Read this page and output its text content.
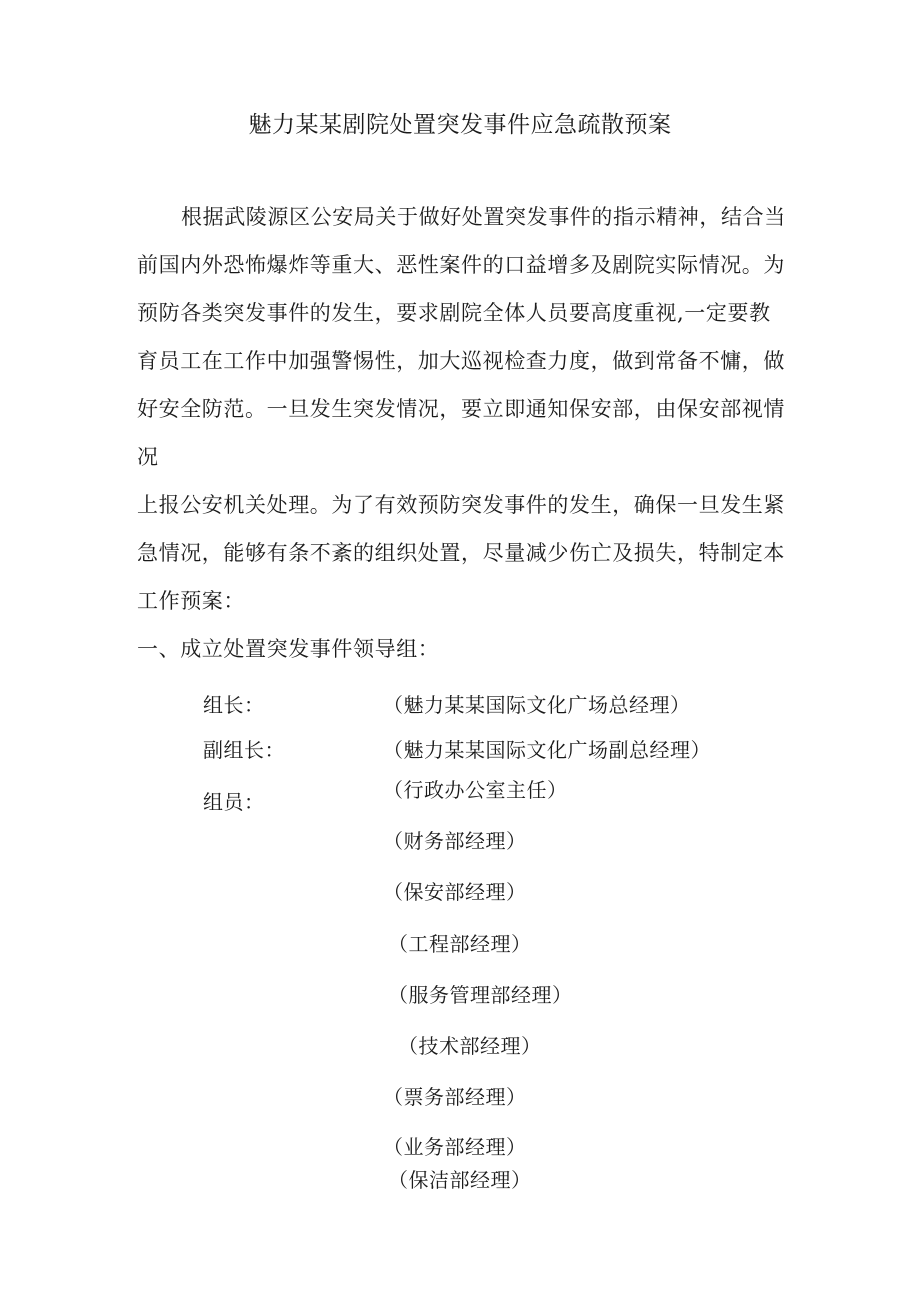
魅力某某剧院处置突发事件应急疏散预案
根据武陵源区公安局关于做好处置突发事件的指示精神，结合当
前国内外恐怖爆炸等重大、恶性案件的口益增多及剧院实际情况。为
预防各类突发事件的发生，要求剧院全体人员要高度重视,一定要教
育员工在工作中加强警惕性，加大巡视检查力度，做到常备不慵，做
好安全防范。一旦发生突发情况，要立即通知保安部，由保安部视情
况
上报公安机关处理。为了有效预防突发事件的发生，确保一旦发生紧
急情况，能够有条不紊的组织处置，尽量减少伤亡及损失，特制定本
工作预案：
一、成立处置突发事件领导组：
组长：	（魅力某某国际文化广场总经理）
副组长：	（魅力某某国际文化广场副总经理）
组员：	（行政办公室主任）
（财务部经理）
（保安部经理）
（工程部经理）
（服务管理部经理）
（技术部经理）
（票务部经理）
（业务部经理）
（保洁部经理）
